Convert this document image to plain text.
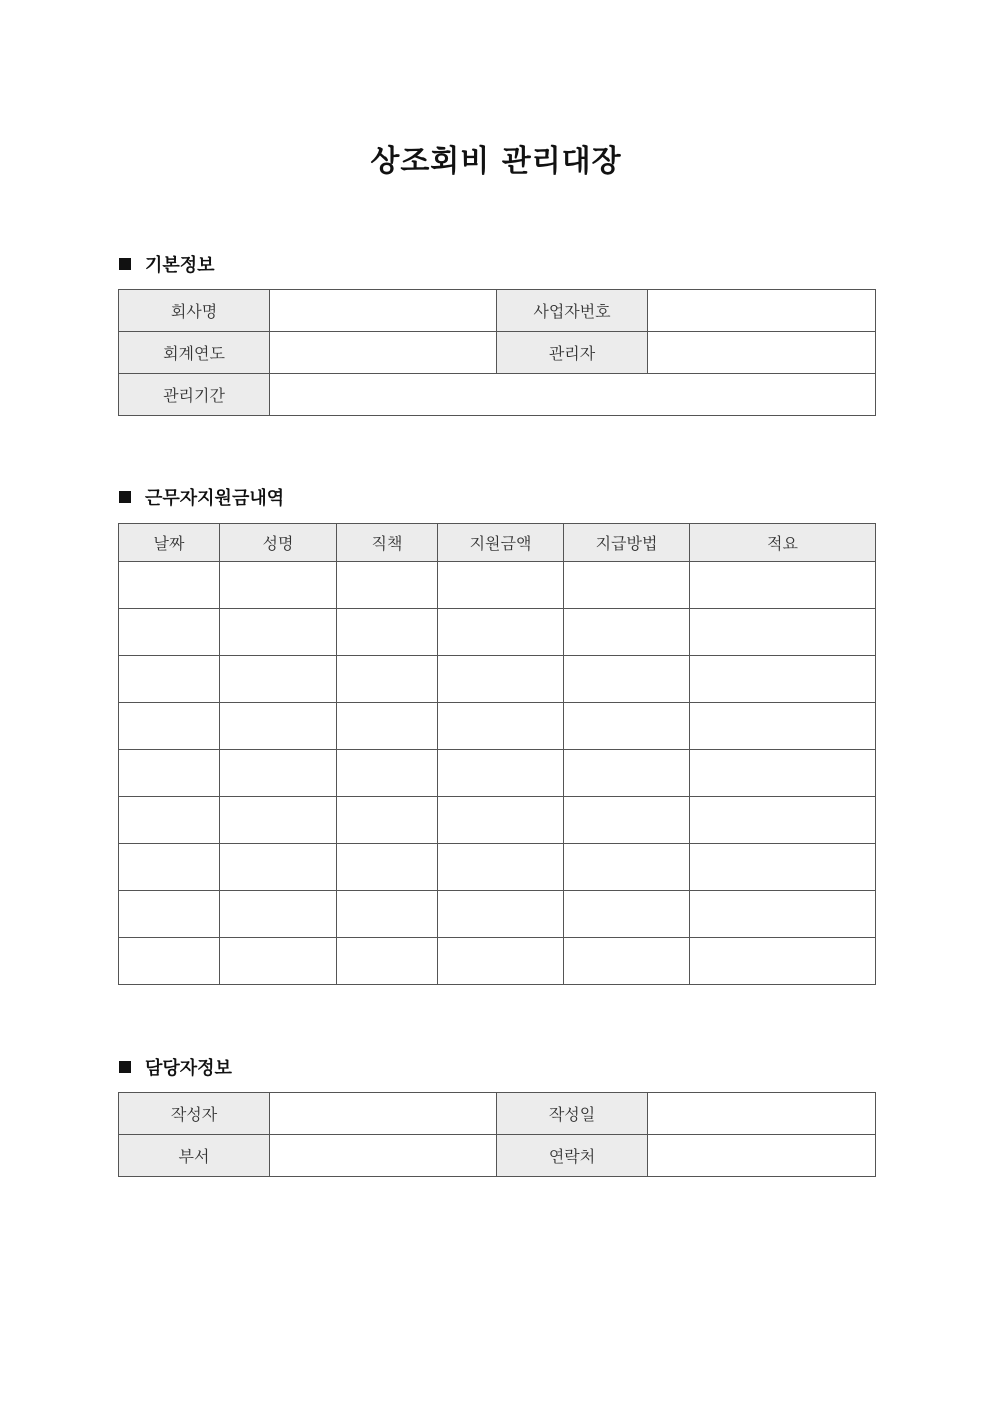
상조회비 관리대장
기본정보
회사명		사업자번호	
회계연도		관리자	
관리기간			
근무자지원금내역
날짜	성명	직책	지원금액	지급방법	적요

담당자정보
작성자		작성일	
부서		연락처	
